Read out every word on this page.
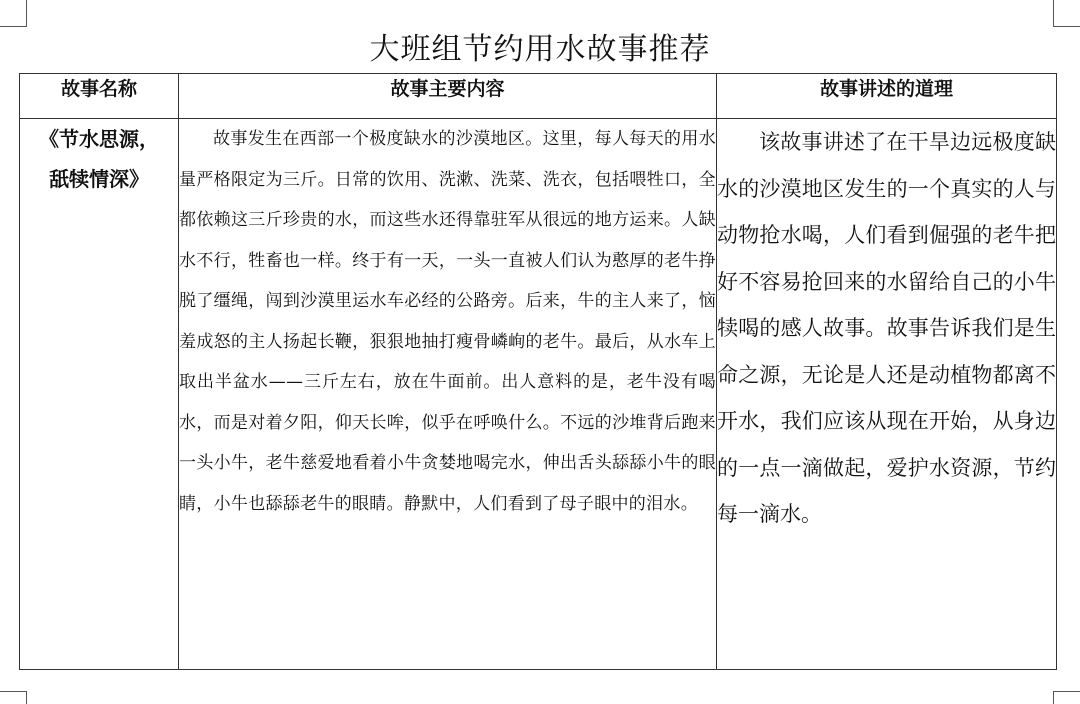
大班组节约用水故事推荐
故事名称	故事主要内容	故事讲述的道理

《节水思源，
舐犊情深》	故事发生在西部一个极度缺水的沙漠地区。这里，每人每天的用水量严格限定为三斤。日常的饮用、洗漱、洗菜、洗衣，包括喂牲口，全都依赖这三斤珍贵的水，而这些水还得靠驻军从很远的地方运来。人缺水不行，牲畜也一样。终于有一天，一头一直被人们认为憨厚的老牛挣脱了缰绳，闯到沙漠里运水车必经的公路旁。后来，牛的主人来了，恼羞成怒的主人扬起长鞭，狠狠地抽打瘦骨嶙峋的老牛。最后，从水车上取出半盆水——三斤左右，放在牛面前。出人意料的是，老牛没有喝水，而是对着夕阳，仰天长哞，似乎在呼唤什么。不远的沙堆背后跑来一头小牛，老牛慈爱地看着小牛贪婪地喝完水，伸出舌头舔舔小牛的眼睛，小牛也舔舔老牛的眼睛。静默中，人们看到了母子眼中的泪水。	该故事讲述了在干旱边远极度缺水的沙漠地区发生的一个真实的人与动物抢水喝，人们看到倔强的老牛把好不容易抢回来的水留给自己的小牛犊喝的感人故事。故事告诉我们是生命之源，无论是人还是动植物都离不开水，我们应该从现在开始，从身边的一点一滴做起，爱护水资源，节约每一滴水。
